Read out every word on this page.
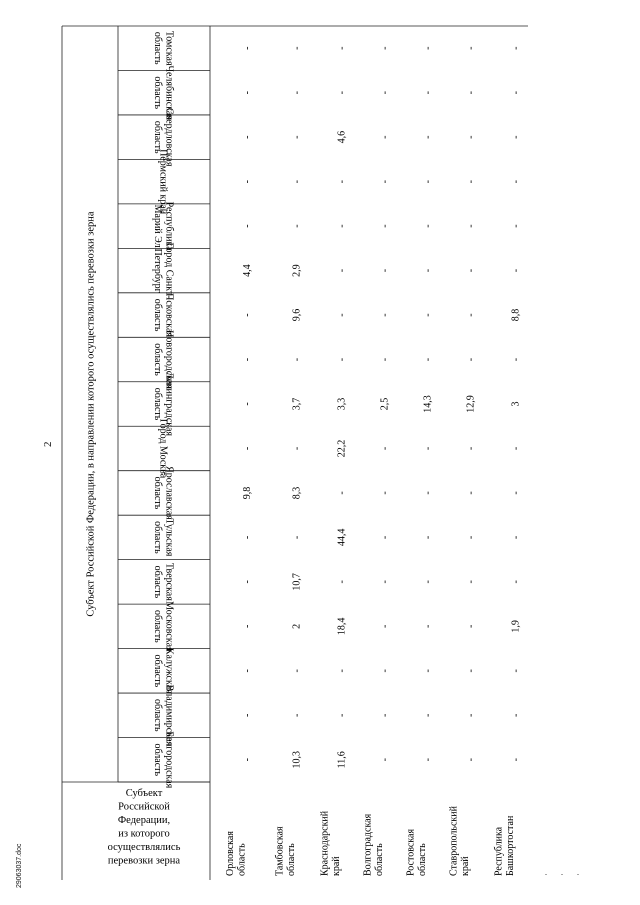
2
29063037.doc	. . .
Субъект Российской Федерации, в направлении которого осуществлялись перевозки зерна
Белгородская
область
Владимирская
область
Калужская
область
Московская
область
Тверская
область
Тульская
область
Ярославская
область
Город Москва
Ленинградская
область
Новгородская
область
Псковская
область
Город Санкт-
Петербург
Республика
Марий Эл
Пермский край
Свердловская
область
Челябинская
область
Томская
область
Субъект
Российской
Федерации,
из которого
осуществлялись
перевозки зерна	Орловская область
-
-
-
-
-
-
9,8
-
-
-
-
4,4
-
-
-
-
-
Тамбовская область
10,3
-
-
2
10,7
-
8,3
-
3,7
-
9,6
2,9
-
-
-
-
-
Краснодарский край
11,6
-
-
18,4
-
44,4
-
22,2
3,3
-
-
-
-
-
4,6
-
-
Волгоградская область
-
-
-
-
-
-
-
-
2,5
-
-
-
-
-
-
-
-
Ростовская область
-
-
-
-
-
-
-
-
14,3
-
-
-
-
-
-
-
-
Ставропольский край
-
-
-
-
-
-
-
-
12,9
-
-
-
-
-
-
-
-
Республика Башкортостан
-
-
-
1,9
-
-
-
-
3
-
8,8
-
-
-
-
-
-
